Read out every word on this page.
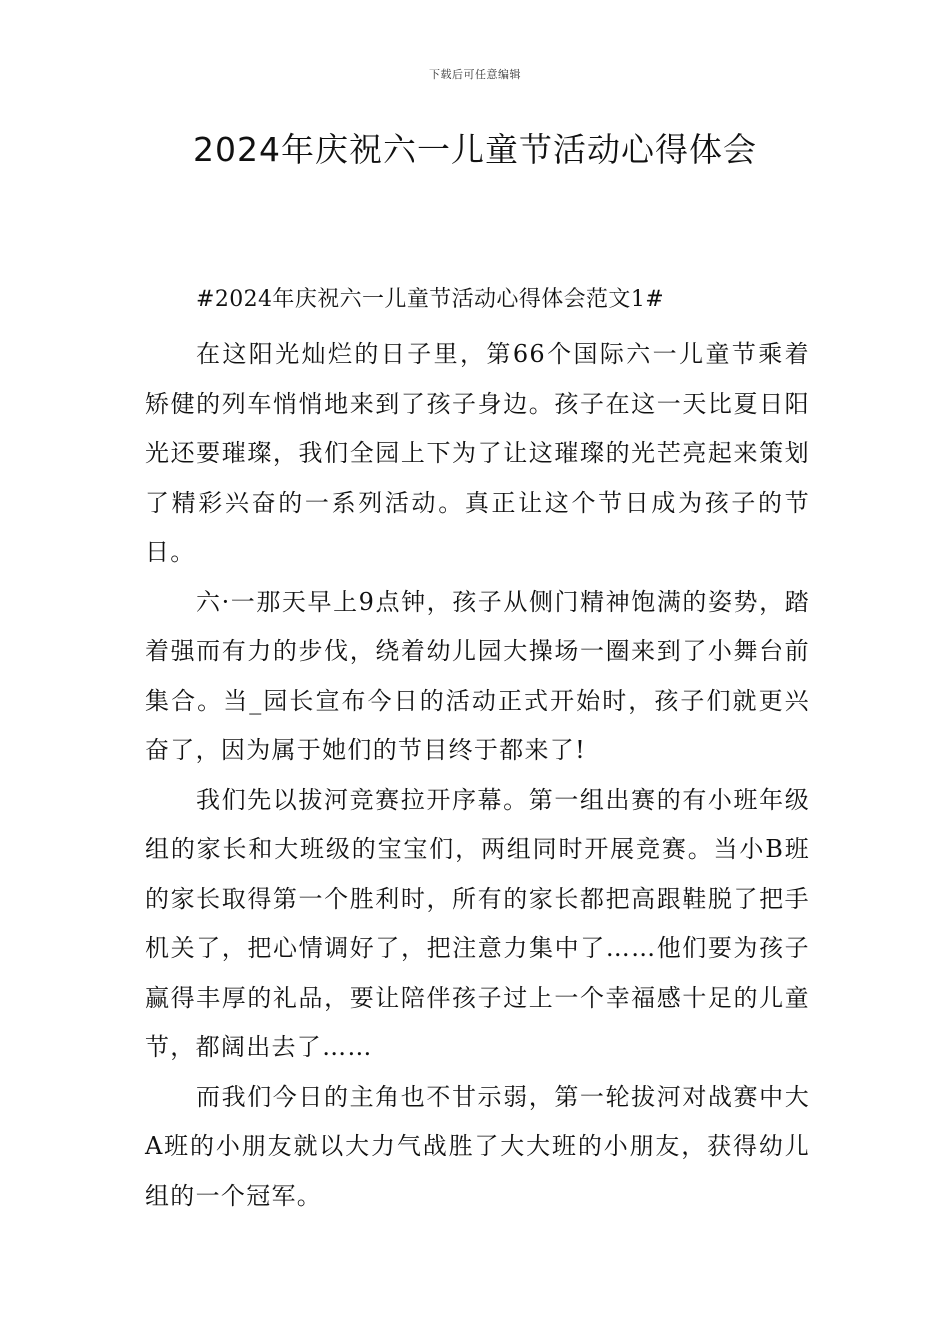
下载后可任意编辑
2024年庆祝六一儿童节活动心得体会

#2024年庆祝六一儿童节活动心得体会范文1#

在这阳光灿烂的日子里，第66个国际六一儿童节乘着矫健的列车悄悄地来到了孩子身边。孩子在这一天比夏日阳光还要璀璨，我们全园上下为了让这璀璨的光芒亮起来策划了精彩兴奋的一系列活动。真正让这个节日成为孩子的节日。

六·一那天早上9点钟，孩子从侧门精神饱满的姿势，踏着强而有力的步伐，绕着幼儿园大操场一圈来到了小舞台前集合。当_园长宣布今日的活动正式开始时，孩子们就更兴奋了，因为属于她们的节目终于都来了!

我们先以拔河竞赛拉开序幕。第一组出赛的有小班年级组的家长和大班级的宝宝们，两组同时开展竞赛。当小B班的家长取得第一个胜利时，所有的家长都把高跟鞋脱了把手机关了，把心情调好了，把注意力集中了……他们要为孩子赢得丰厚的礼品，要让陪伴孩子过上一个幸福感十足的儿童节，都阔出去了……

而我们今日的主角也不甘示弱，第一轮拔河对战赛中大A班的小朋友就以大力气战胜了大大班的小朋友，获得幼儿组的一个冠军。
